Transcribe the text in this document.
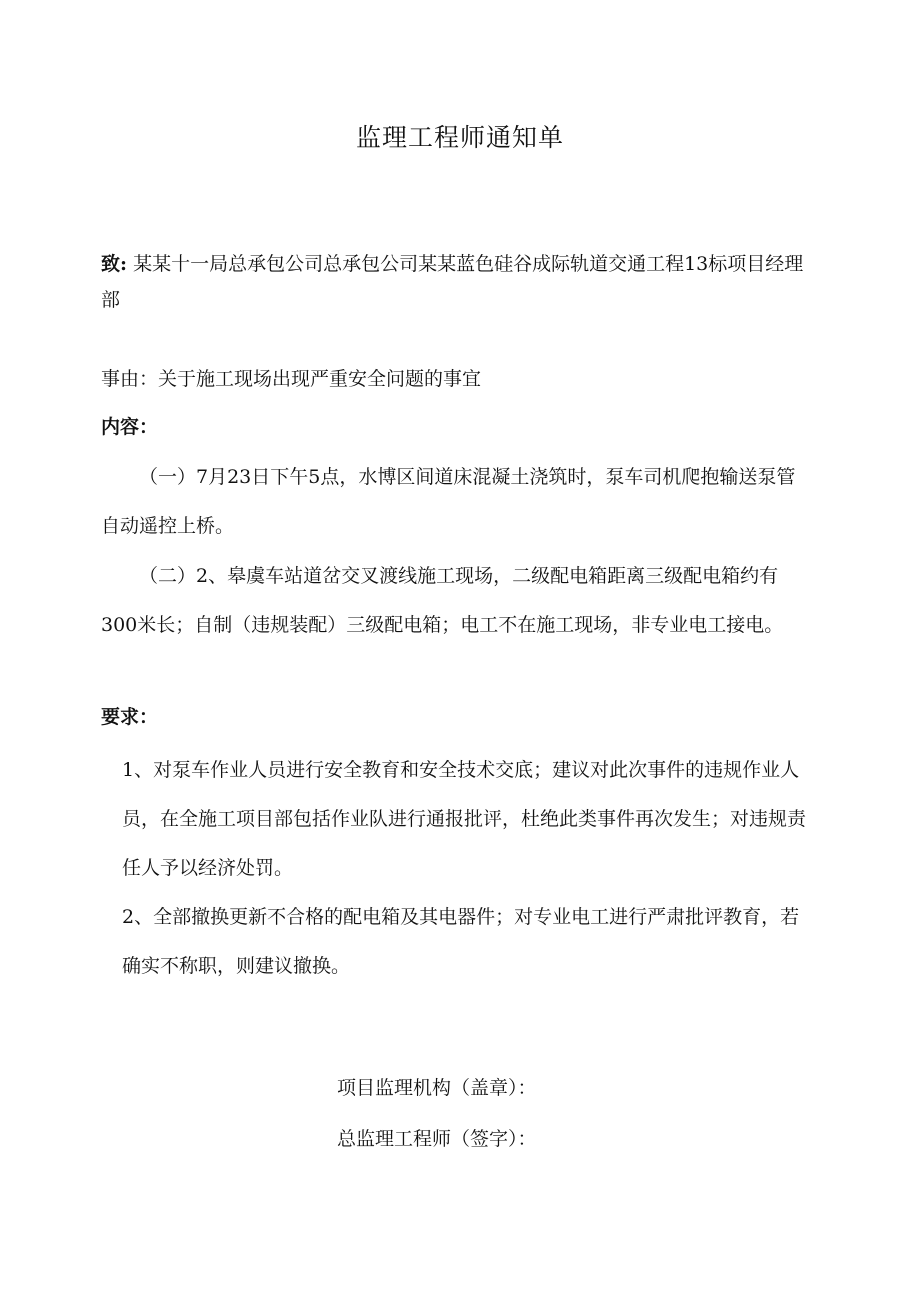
监理工程师通知单
致: 某某十一局总承包公司总承包公司某某蓝色硅谷成际轨道交通工程13标项目经理部
事由：关于施工现场出现严重安全问题的事宜
内容：
（一）7月23日下午5点，水博区间道床混凝土浇筑时，泵车司机爬抱输送泵管自动遥控上桥。
（二）2、皋虞车站道岔交叉渡线施工现场，二级配电箱距离三级配电箱约有300米长；自制（违规装配）三级配电箱；电工不在施工现场，非专业电工接电。
要求：
1、对泵车作业人员进行安全教育和安全技术交底；建议对此次事件的违规作业人员，在全施工项目部包括作业队进行通报批评，杜绝此类事件再次发生；对违规责任人予以经济处罚。
2、全部撤换更新不合格的配电箱及其电器件；对专业电工进行严肃批评教育，若确实不称职，则建议撤换。
项目监理机构（盖章）：
总监理工程师（签字）：
